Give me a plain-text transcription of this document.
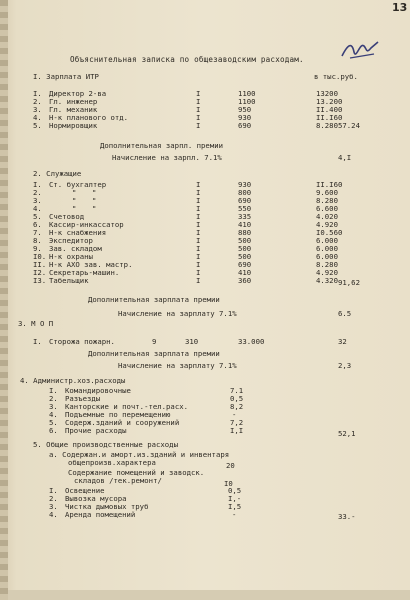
13
Объяснительная записка по общезаводским расходам.
I. Зарплата ИТР	в тыс.руб.
I. Директор 2-ва	I	1100	13200
2. Гл. инженер	I	1100	13.200
3. Гл. механик	I	950	II.400
4. Н-к планового отд.	I	930	II.I60
5. Нормировщик	I	690	8.280 57.24
Дополнительная зарпл. премии
Начисление на зарпл. 7.1%	4,I
2. Служащие
I. Ст. бухгалтер	I	930	II.I60
2.	" "	I	800	9.600
3.	" "	I	690	8.280
4.	" "	I	550	6.600
5. Счетовод	I	335	4.020
6. Кассир-инкассатор	I	410	4.920
7. Н-к снабжения	I	880	I0.560
8. Экспедитор	I	500	6.000
9. Зав. складом	I	500	6.000
I0. Н-к охраны	I	500	6.000
II. Н-к АХО зав. мастр.	I	690	8.280
I2. Секретарь-машин.	I	410	4.920
I3. Табельщик	I	360	4.320 91,62
Дополнительная зарплата премии
Начисление на зарплату 7.1%	6.5
3. М О П
I. Сторожа пожарн.	9	310	33.000	32
Дополнительная зарплата премии
Начисление на зарплату 7.1%	2,3
4. Администр.хоз.расходы
I. Командировочные	7.1
2. Разъезды	0,5
3. Канторские и почт.-тел.расх.	8,2
4. Подъемные по перемещению	-
5. Содерж.зданий и сооружений	7,2
6. Прочие расходы	I,I	52,1
5. Общие производственные расходы
а. Содержан.и аморт.из.зданий и инвентаря
общепроизв.характера	20
Содержание помещений и заводск.
складов /тек.ремонт/	I0
I. Освещение	0,5
2. Вывозка мусора	I,-
3. Чистка дымовых труб	I,5
4. Аренда помещений	-	33.-
